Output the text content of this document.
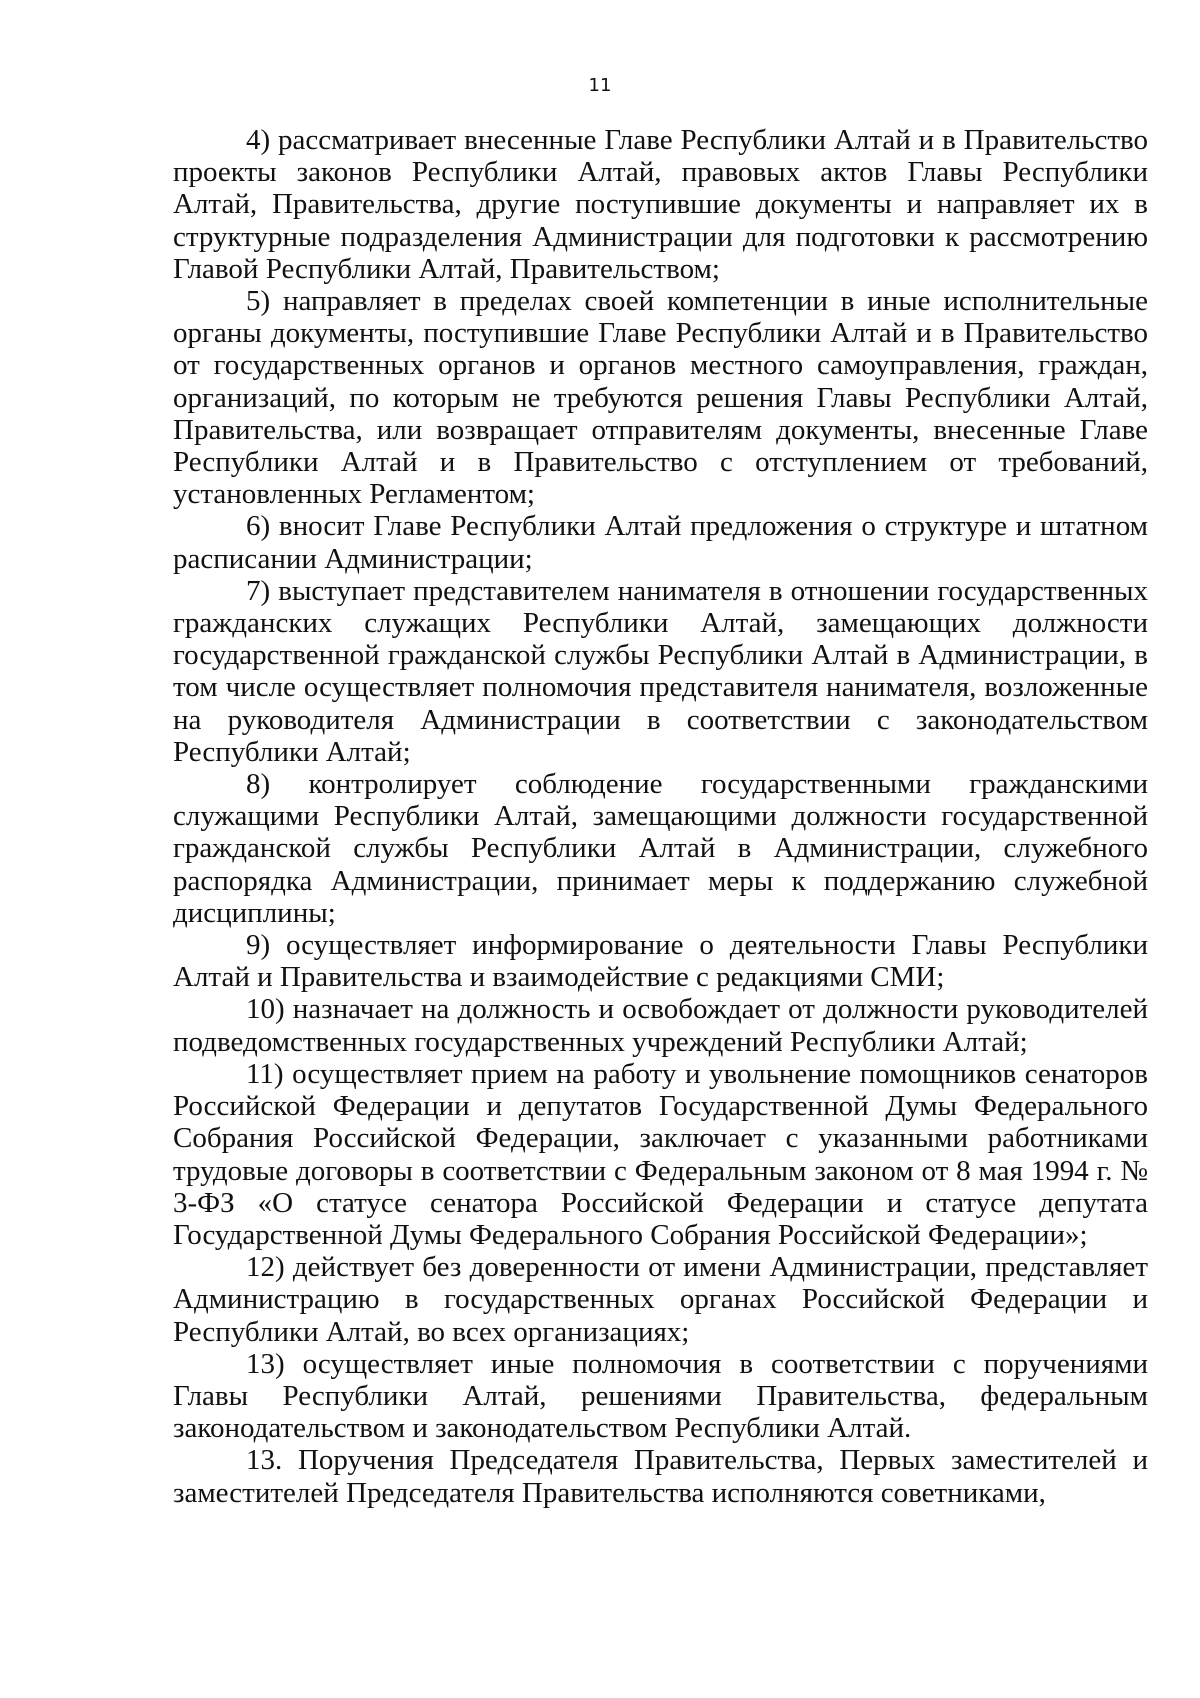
11

4) рассматривает внесенные Главе Республики Алтай и в Правительство проекты законов Республики Алтай, правовых актов Главы Республики Алтай, Правительства, другие поступившие документы и направляет их в структурные подразделения Администрации для подготовки к рассмотрению Главой Республики Алтай, Правительством;

5) направляет в пределах своей компетенции в иные исполнительные органы документы, поступившие Главе Республики Алтай и в Правительство от государственных органов и органов местного самоуправления, граждан, организаций, по которым не требуются решения Главы Республики Алтай, Правительства, или возвращает отправителям документы, внесенные Главе Республики Алтай и в Правительство с отступлением от требований, установленных Регламентом;

6) вносит Главе Республики Алтай предложения о структуре и штатном расписании Администрации;

7) выступает представителем нанимателя в отношении государственных гражданских служащих Республики Алтай, замещающих должности государственной гражданской службы Республики Алтай в Администрации, в том числе осуществляет полномочия представителя нанимателя, возложенные на руководителя Администрации в соответствии с законодательством Республики Алтай;

8) контролирует соблюдение государственными гражданскими служащими Республики Алтай, замещающими должности государственной гражданской службы Республики Алтай в Администрации, служебного распорядка Администрации, принимает меры к поддержанию служебной дисциплины;

9) осуществляет информирование о деятельности Главы Республики Алтай и Правительства и взаимодействие с редакциями СМИ;

10) назначает на должность и освобождает от должности руководителей подведомственных государственных учреждений Республики Алтай;

11) осуществляет прием на работу и увольнение помощников сенаторов Российской Федерации и депутатов Государственной Думы Федерального Собрания Российской Федерации, заключает с указанными работниками трудовые договоры в соответствии с Федеральным законом от 8 мая 1994 г. № 3-ФЗ «О статусе сенатора Российской Федерации и статусе депутата Государственной Думы Федерального Собрания Российской Федерации»;

12) действует без доверенности от имени Администрации, представляет Администрацию в государственных органах Российской Федерации и Республики Алтай, во всех организациях;

13) осуществляет иные полномочия в соответствии с поручениями Главы Республики Алтай, решениями Правительства, федеральным законодательством и законодательством Республики Алтай.

13. Поручения Председателя Правительства, Первых заместителей и заместителей Председателя Правительства исполняются советниками,
